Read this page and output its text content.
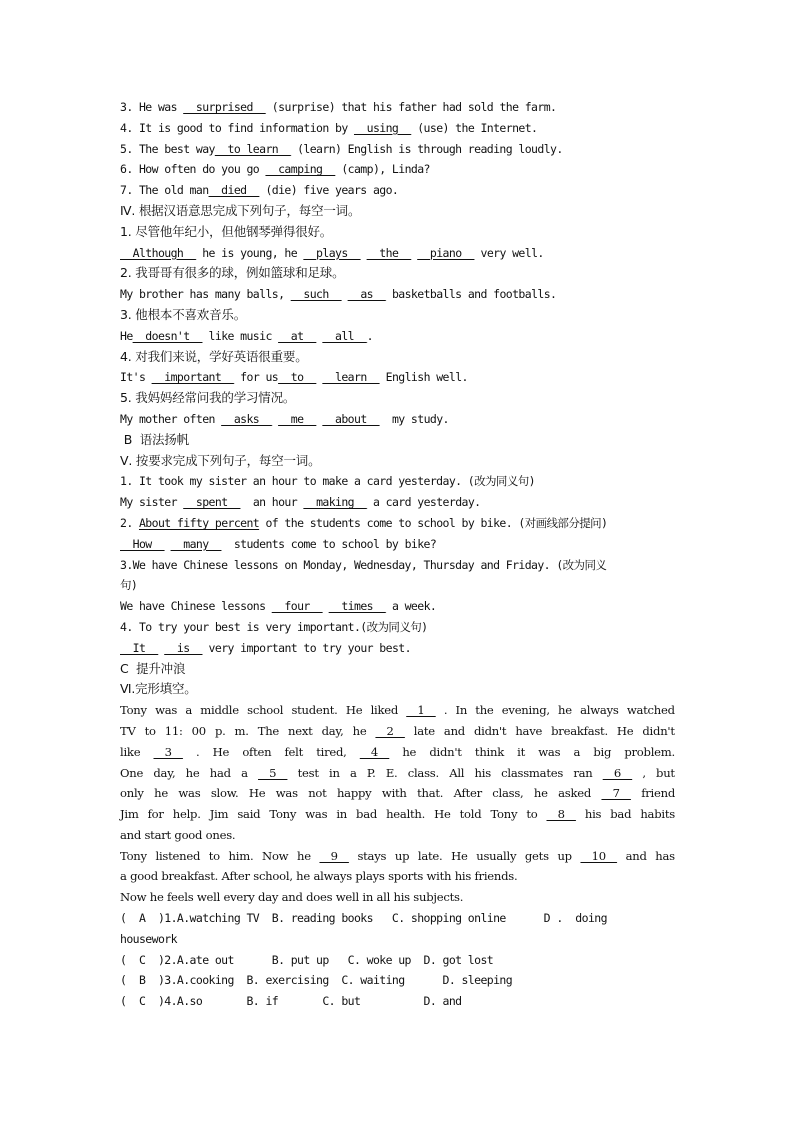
3. He was __surprised__ (surprise) that his father had sold the farm.
4. It is good to find information by __using__ (use) the Internet.
5. The best way__to learn__ (learn) English is through reading loudly.
6. How often do you go __camping__ (camp), Linda?
7. The old man__died__ (die) five years ago.
Ⅳ. 根据汉语意思完成下列句子，每空一词。
1. 尽管他年纪小，但他钢琴弹得很好。
__Although__ he is young, he __plays__ __the__ __piano__ very well.
2. 我哥哥有很多的球，例如篮球和足球。
My brother has many balls, __such__ __as__ basketballs and footballs.
3. 他根本不喜欢音乐。
He__doesn't__ like music __at__ __all__.
4. 对我们来说，学好英语很重要。
It's __important__ for us__to__ __learn__ English well.
5. 我妈妈经常问我的学习情况。
My mother often __asks__ __me__ __about__  my study.
B  语法扬帆
Ⅴ. 按要求完成下列句子，每空一词。
1. It took my sister an hour to make a card yesterday. (改为同义句)
My sister __spent__  an hour __making__ a card yesterday.
2. About fifty percent of the students come to school by bike. (对画线部分提问)
__How__ __many__  students come to school by bike?
3.We have Chinese lessons on Monday, Wednesday, Thursday and Friday. (改为同义
句)
We have Chinese lessons __four__ __times__ a week.
4. To try your best is very important.(改为同义句)
__It__ __is__ very important to try your best.
C  提升冲浪
Ⅵ.完形填空。
Tony was a middle school student. He liked __1__ . In the evening, he always watched
TV to 11: 00 p. m. The next day, he __2__ late and didn't have breakfast. He didn't
like __3__ . He often felt tired, __4__ he didn't think it was a big problem.
One day, he had a __5__ test in a P. E. class. All his classmates ran __6__ , but
only he was slow. He was not happy with that. After class, he asked __7__ friend
Jim for help. Jim said Tony was in bad health. He told Tony to __8__ his bad habits
and start good ones.
Tony listened to him. Now he __9__ stays up late. He usually gets up __10__ and has
a good breakfast. After school, he always plays sports with his friends.
Now he feels well every day and does well in all his subjects.
(  A  )1.A.watching TV  B. reading books   C. shopping online      D .  doing
housework
(  C  )2.A.ate out      B. put up   C. woke up  D. got lost
(  B  )3.A.cooking  B. exercising  C. waiting      D. sleeping
(  C  )4.A.so       B. if       C. but          D. and
